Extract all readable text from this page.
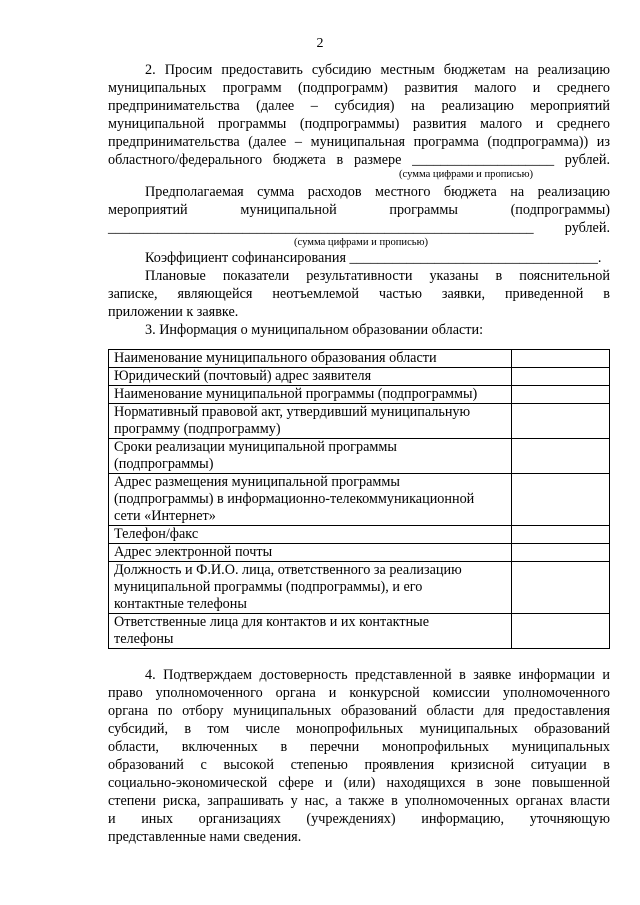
2
2. Просим предоставить субсидию местным бюджетам на реализацию
муниципальных программ (подпрограмм) развития малого и среднего
предпринимательства (далее – субсидия) на реализацию мероприятий
муниципальной программы (подпрограммы) развития малого и среднего
предпринимательства (далее – муниципальная программа (подпрограмма)) из
областного/федерального бюджета в размере ____________________ рублей.
(сумма цифрами и прописью)
Предполагаемая сумма расходов местного бюджета на реализацию
мероприятий муниципальной программы (подпрограммы)
____________________________________________________________ рублей.
(сумма цифрами и прописью)
Коэффициент софинансирования ___________________________________.
Плановые показатели результативности указаны в пояснительной
записке, являющейся неотъемлемой частью заявки, приведенной в
приложении к заявке.
3. Информация о муниципальном образовании области:
Наименование муниципального образования области	

Юридический (почтовый) адрес заявителя	

Наименование муниципальной программы (подпрограммы)	

Нормативный правовой акт, утвердивший муниципальную
программу (подпрограмму)	

Сроки реализации муниципальной программы
(подпрограммы)	

Адрес размещения муниципальной программы
(подпрограммы) в информационно-телекоммуникационной
сети «Интернет»	

Телефон/факс	

Адрес электронной почты	

Должность и Ф.И.О. лица, ответственного за реализацию
муниципальной программы (подпрограммы), и его
контактные телефоны	

Ответственные лица для контактов и их контактные
телефоны	

4. Подтверждаем достоверность представленной в заявке информации и
право уполномоченного органа и конкурсной комиссии уполномоченного
органа по отбору муниципальных образований области для предоставления
субсидий, в том числе монопрофильных муниципальных образований
области, включенных в перечни монопрофильных муниципальных
образований с высокой степенью проявления кризисной ситуации в
социально-экономической сфере и (или) находящихся в зоне повышенной
степени риска, запрашивать у нас, а также в уполномоченных органах власти
и иных организациях (учреждениях) информацию, уточняющую
представленные нами сведения.
